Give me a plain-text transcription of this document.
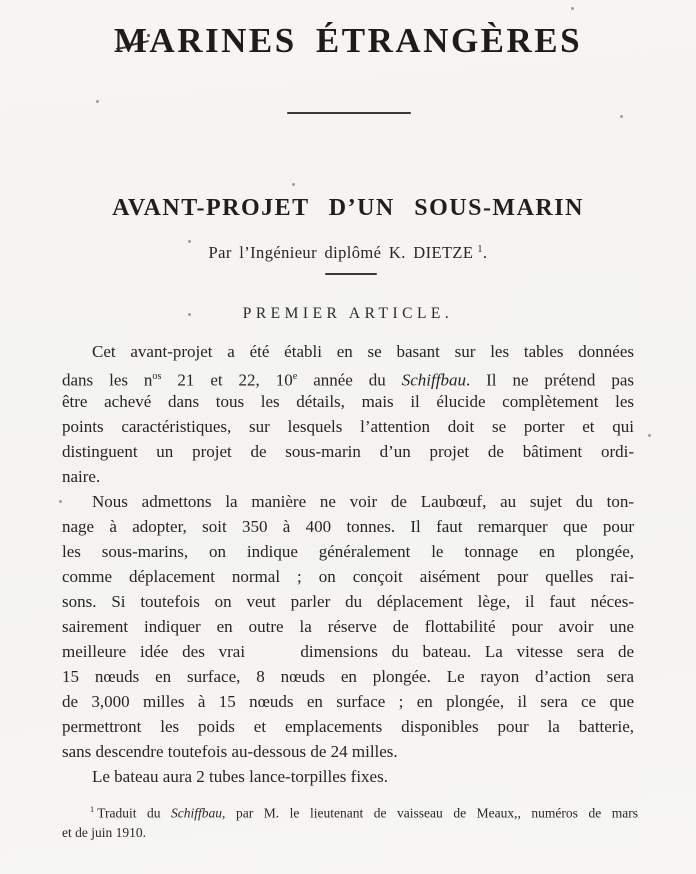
MARINES ÉTRANGÈRES
AVANT-PROJET D’UN SOUS-MARIN

Par l’Ingénieur diplômé K. DIETZE $^1$.

PREMIER ARTICLE.
Cet avant-projet a été établi en se basant sur les tables données
dans les $n^{os}$ 21 et 22, 10e année du Schiffbau. Il ne prétend pas
être achevé dans tous les détails, mais il élucide complètement les
points caractéristiques, sur lesquels l’attention doit se porter et qui
distinguent un projet de sous-marin d’un projet de bâtiment ordi-
naire.
Nous admettons la manière ne voir de Laubœuf, au sujet du ton-
nage à adopter, soit 350 à 400 tonnes. Il faut remarquer que pour
les sous-marins, on indique généralement le tonnage en plongée,
comme déplacement normal ; on conçoit aisément pour quelles rai-
sons. Si toutefois on veut parler du déplacement lège, il faut néces-
sairement indiquer en outre la réserve de flottabilité pour avoir une
meilleure idée des vrai    dimensions du bateau. La vitesse sera de
15 nœuds en surface, 8 nœuds en plongée. Le rayon d’action sera
de 3,000 milles à 15 nœuds en surface ; en plongée, il sera ce que
permettront les poids et emplacements disponibles pour la batterie,
sans descendre toutefois au-dessous de 24 milles.
Le bateau aura 2 tubes lance-torpilles fixes.
$^1$ Traduit du Schiffbau, par M. le lieutenant de vaisseau de Meaux,, numéros de mars
et de juin 1910.
